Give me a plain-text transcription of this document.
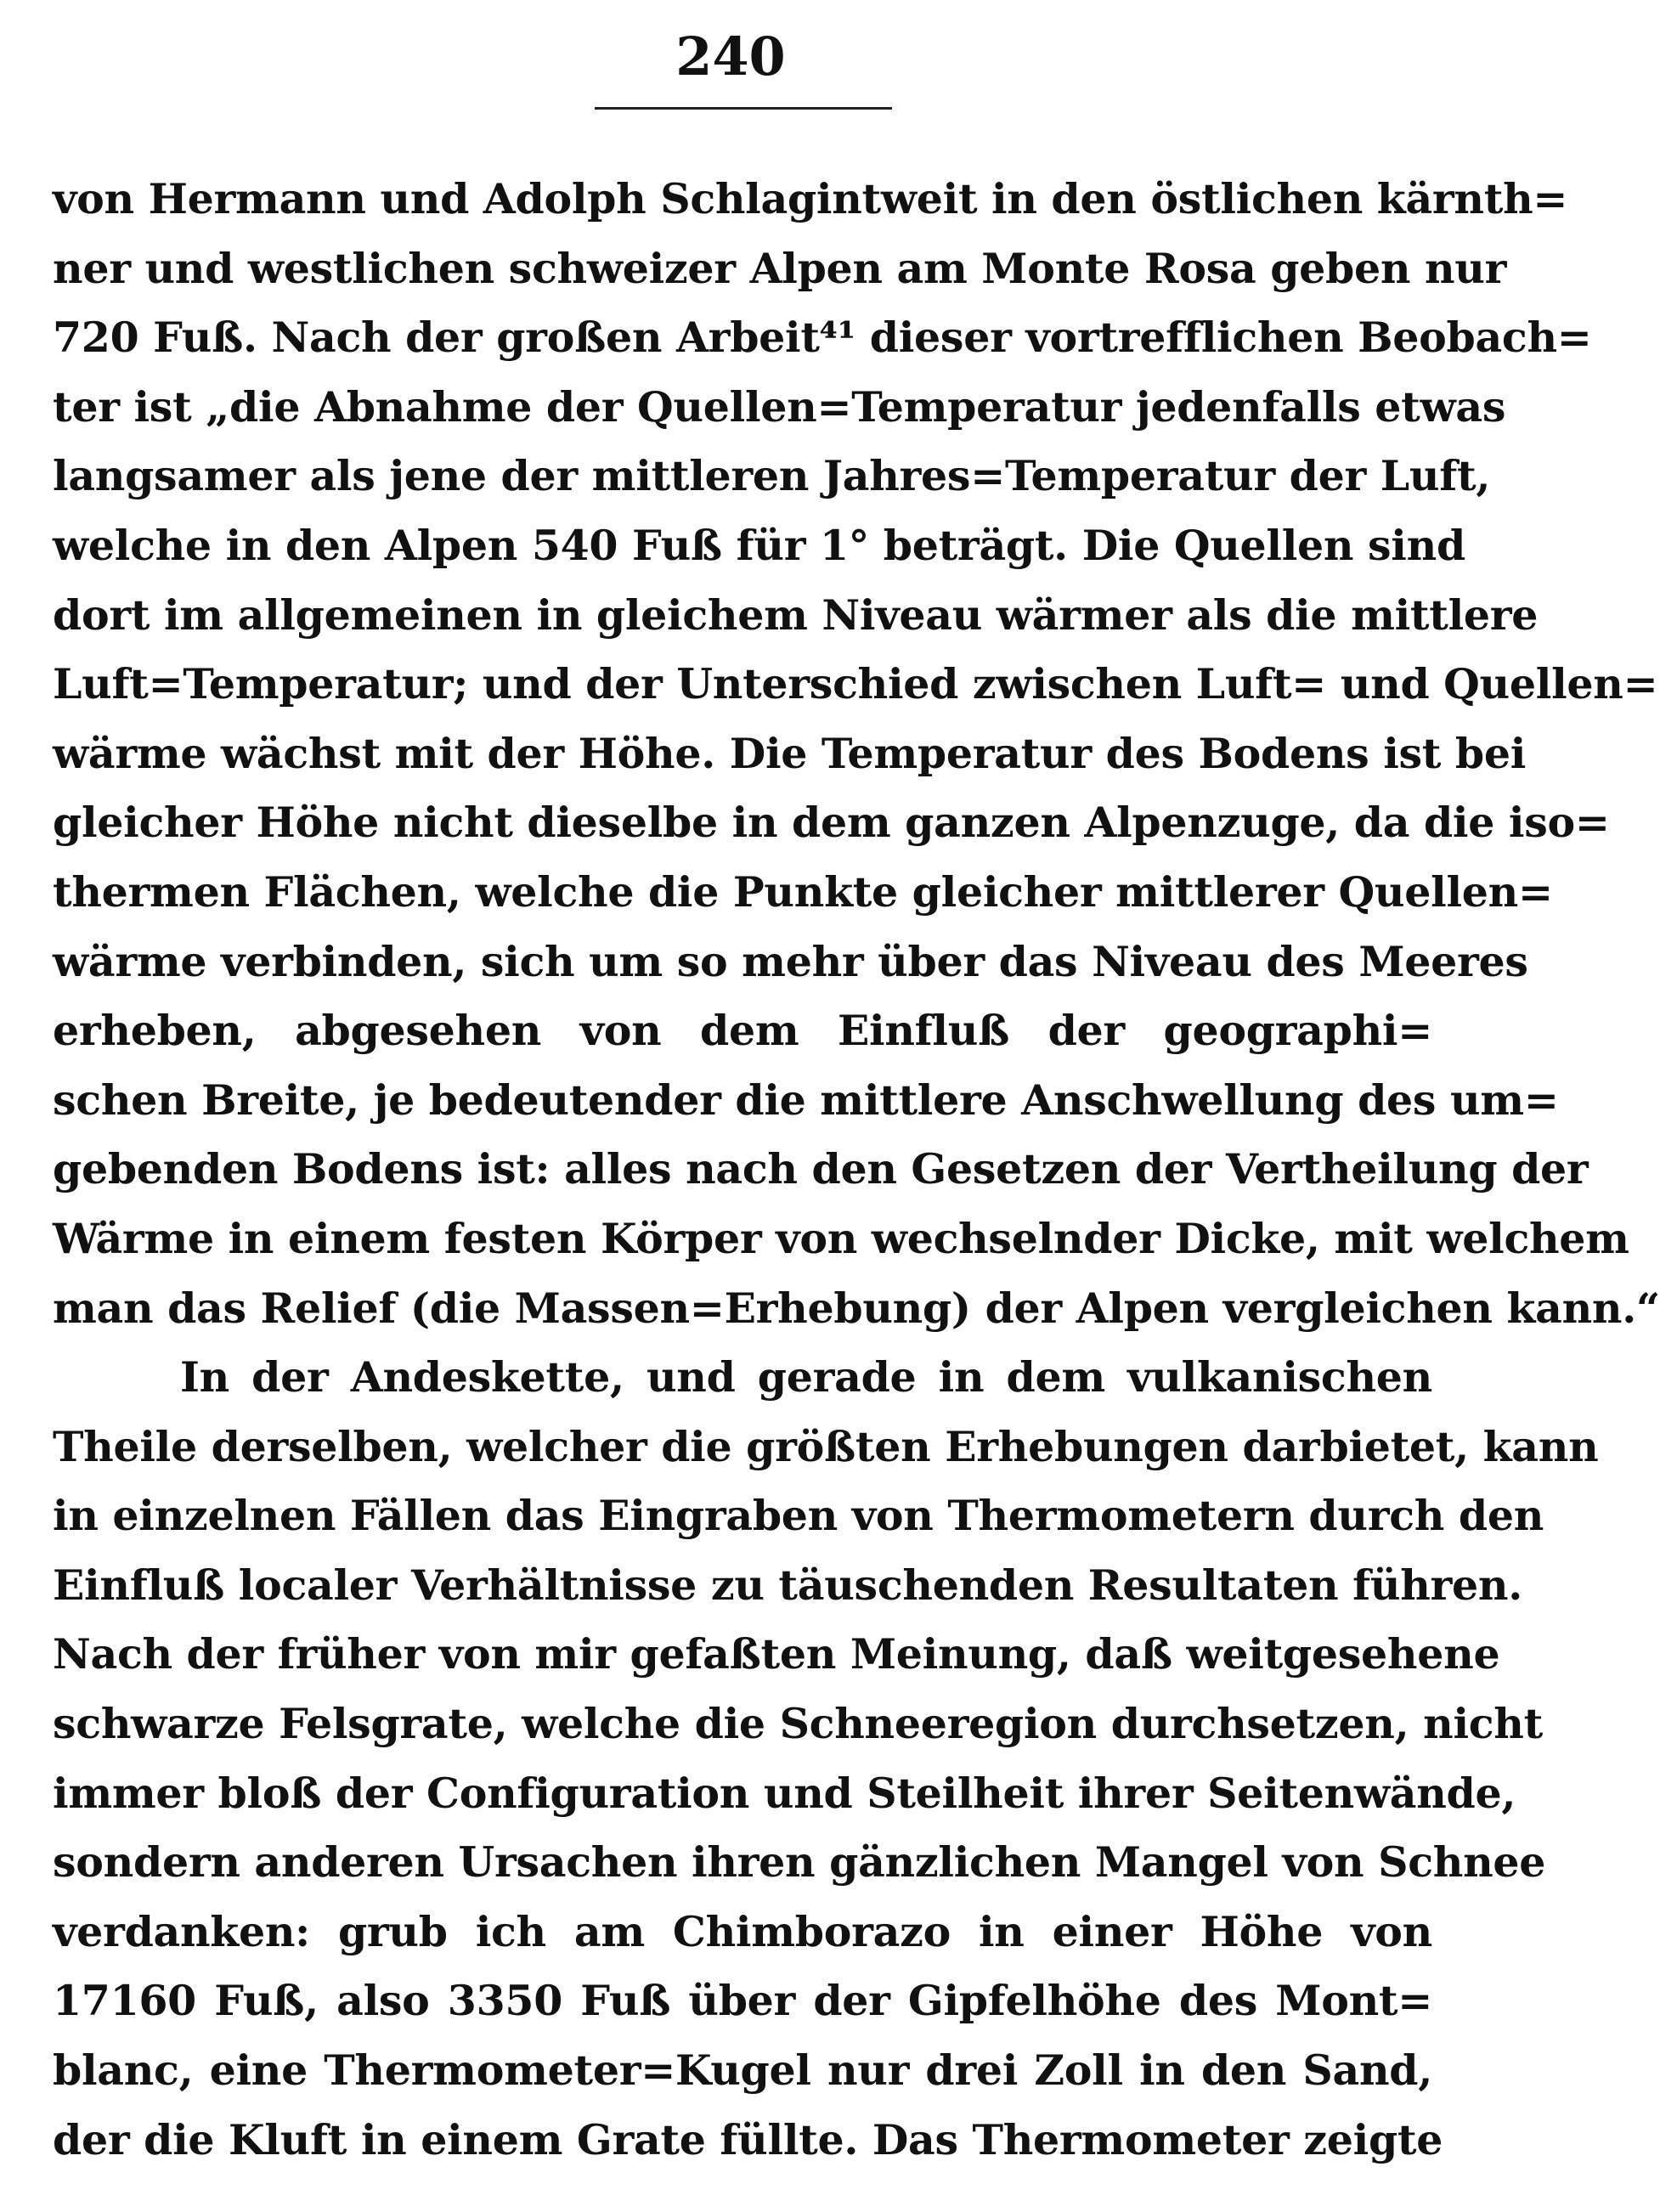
240
von Hermann und Adolph Schlagintweit in den östlichen kärnth=
ner und westlichen schweizer Alpen am Monte Rosa geben nur
720 Fuß. Nach der großen Arbeit⁴¹ dieser vortrefflichen Beobach=
ter ist „die Abnahme der Quellen=Temperatur jedenfalls etwas
langsamer als jene der mittleren Jahres=Temperatur der Luft,
welche in den Alpen 540 Fuß für 1° beträgt. Die Quellen sind
dort im allgemeinen in gleichem Niveau wärmer als die mittlere
Luft=Temperatur; und der Unterschied zwischen Luft= und Quellen=
wärme wächst mit der Höhe. Die Temperatur des Bodens ist bei
gleicher Höhe nicht dieselbe in dem ganzen Alpenzuge, da die iso=
thermen Flächen, welche die Punkte gleicher mittlerer Quellen=
wärme verbinden, sich um so mehr über das Niveau des Meeres
erheben, abgesehen von dem Einfluß der geographi=
schen Breite, je bedeutender die mittlere Anschwellung des um=
gebenden Bodens ist: alles nach den Gesetzen der Vertheilung der
Wärme in einem festen Körper von wechselnder Dicke, mit welchem
man das Relief (die Massen=Erhebung) der Alpen vergleichen kann.“
In der Andeskette, und gerade in dem vulkanischen
Theile derselben, welcher die größten Erhebungen darbietet, kann
in einzelnen Fällen das Eingraben von Thermometern durch den
Einfluß localer Verhältnisse zu täuschenden Resultaten führen.
Nach der früher von mir gefaßten Meinung, daß weitgesehene
schwarze Felsgrate, welche die Schneeregion durchsetzen, nicht
immer bloß der Configuration und Steilheit ihrer Seitenwände,
sondern anderen Ursachen ihren gänzlichen Mangel von Schnee
verdanken: grub ich am Chimborazo in einer Höhe von
17160 Fuß, also 3350 Fuß über der Gipfelhöhe des Mont=
blanc, eine Thermometer=Kugel nur drei Zoll in den Sand,
der die Kluft in einem Grate füllte. Das Thermometer zeigte
